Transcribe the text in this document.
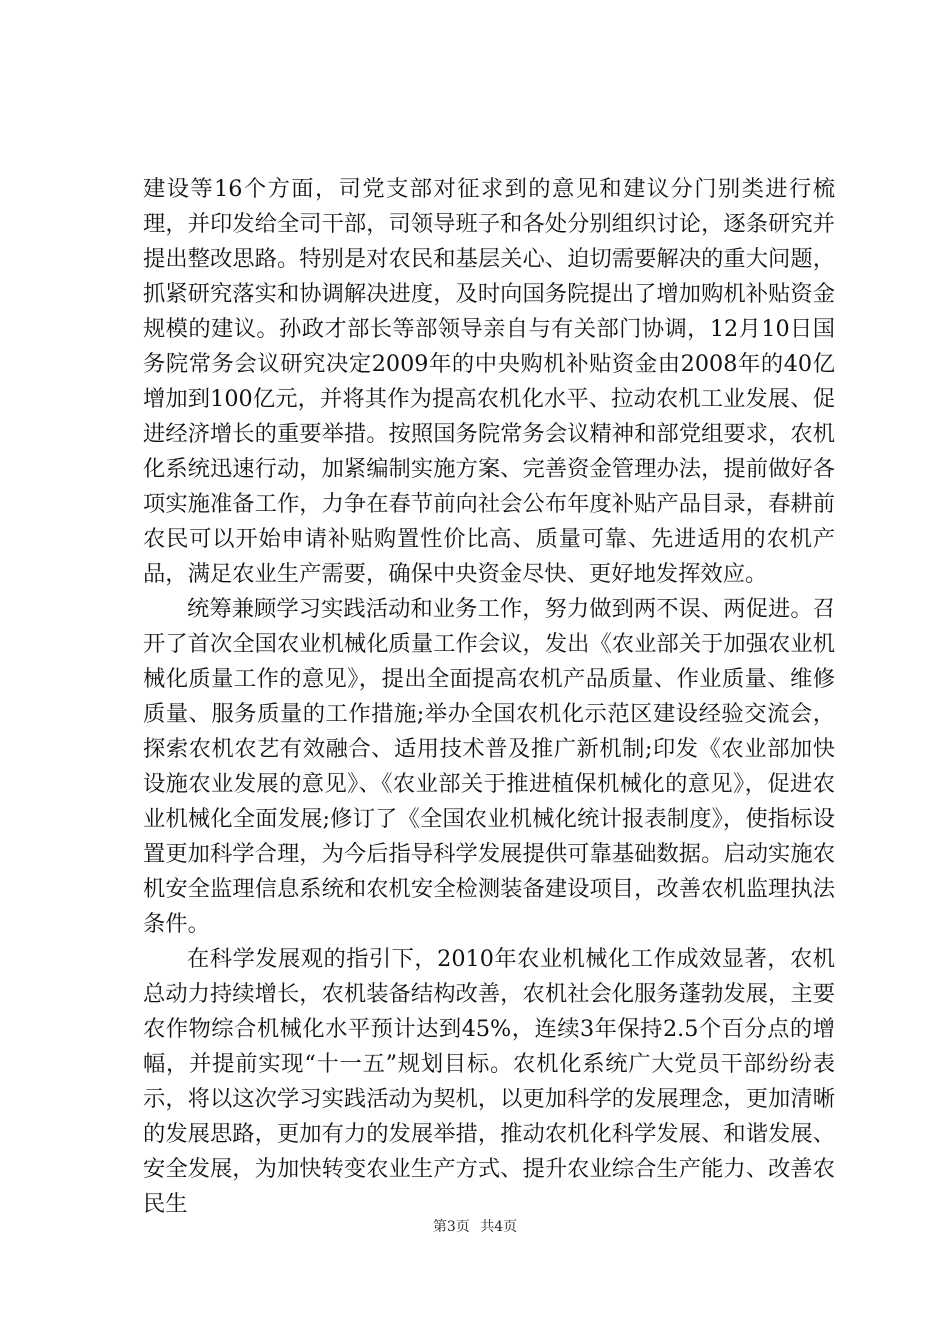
建设等16个方面，司党支部对征求到的意见和建议分门别类进行梳理，并印发给全司干部，司领导班子和各处分别组织讨论，逐条研究并提出整改思路。特别是对农民和基层关心、迫切需要解决的重大问题，抓紧研究落实和协调解决进度，及时向国务院提出了增加购机补贴资金规模的建议。孙政才部长等部领导亲自与有关部门协调，12月10日国务院常务会议研究决定2009年的中央购机补贴资金由2008年的40亿增加到100亿元，并将其作为提高农机化水平、拉动农机工业发展、促进经济增长的重要举措。按照国务院常务会议精神和部党组要求，农机化系统迅速行动，加紧编制实施方案、完善资金管理办法，提前做好各项实施准备工作，力争在春节前向社会公布年度补贴产品目录，春耕前农民可以开始申请补贴购置性价比高、质量可靠、先进适用的农机产品，满足农业生产需要，确保中央资金尽快、更好地发挥效应。

统筹兼顾学习实践活动和业务工作，努力做到两不误、两促进。召开了首次全国农业机械化质量工作会议，发出《农业部关于加强农业机械化质量工作的意见》，提出全面提高农机产品质量、作业质量、维修质量、服务质量的工作措施;举办全国农机化示范区建设经验交流会，探索农机农艺有效融合、适用技术普及推广新机制;印发《农业部加快设施农业发展的意见》、《农业部关于推进植保机械化的意见》，促进农业机械化全面发展;修订了《全国农业机械化统计报表制度》，使指标设置更加科学合理，为今后指导科学发展提供可靠基础数据。启动实施农机安全监理信息系统和农机安全检测装备建设项目，改善农机监理执法条件。

在科学发展观的指引下，2010年农业机械化工作成效显著，农机总动力持续增长，农机装备结构改善，农机社会化服务蓬勃发展，主要农作物综合机械化水平预计达到45%，连续3年保持2.5个百分点的增幅，并提前实现“十一五”规划目标。农机化系统广大党员干部纷纷表示，将以这次学习实践活动为契机，以更加科学的发展理念，更加清晰的发展思路，更加有力的发展举措，推动农机化科学发展、和谐发展、安全发展，为加快转变农业生产方式、提升农业综合生产能力、改善农民生

第3页 共4页
